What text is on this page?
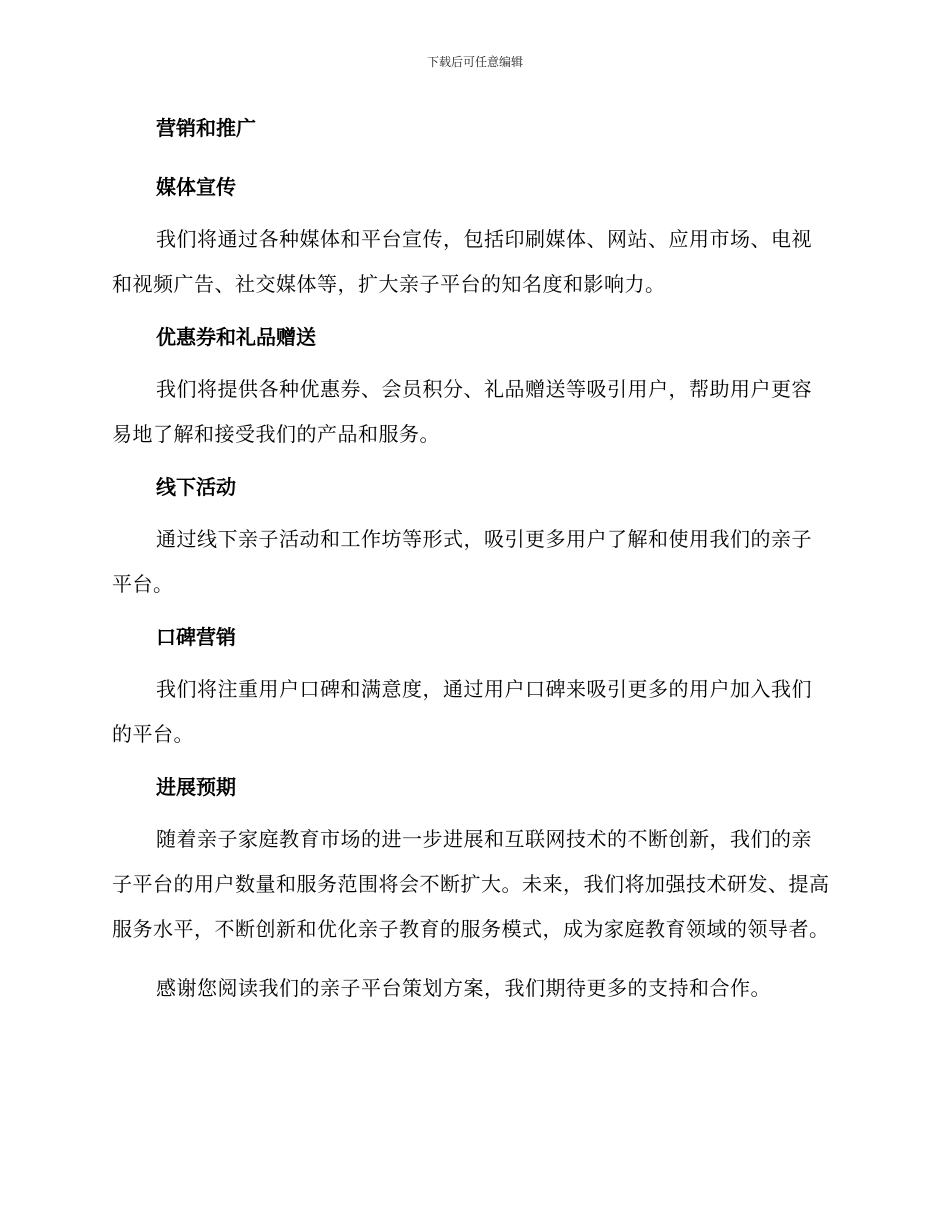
下载后可任意编辑
营销和推广
媒体宣传

我们将通过各种媒体和平台宣传，包括印刷媒体、网站、应用市场、电视和视频广告、社交媒体等，扩大亲子平台的知名度和影响力。

优惠券和礼品赠送

我们将提供各种优惠券、会员积分、礼品赠送等吸引用户，帮助用户更容易地了解和接受我们的产品和服务。

线下活动

通过线下亲子活动和工作坊等形式，吸引更多用户了解和使用我们的亲子平台。

口碑营销

我们将注重用户口碑和满意度，通过用户口碑来吸引更多的用户加入我们的平台。

进展预期

随着亲子家庭教育市场的进一步进展和互联网技术的不断创新，我们的亲子平台的用户数量和服务范围将会不断扩大。未来，我们将加强技术研发、提高服务水平，不断创新和优化亲子教育的服务模式，成为家庭教育领域的领导者。

感谢您阅读我们的亲子平台策划方案，我们期待更多的支持和合作。
